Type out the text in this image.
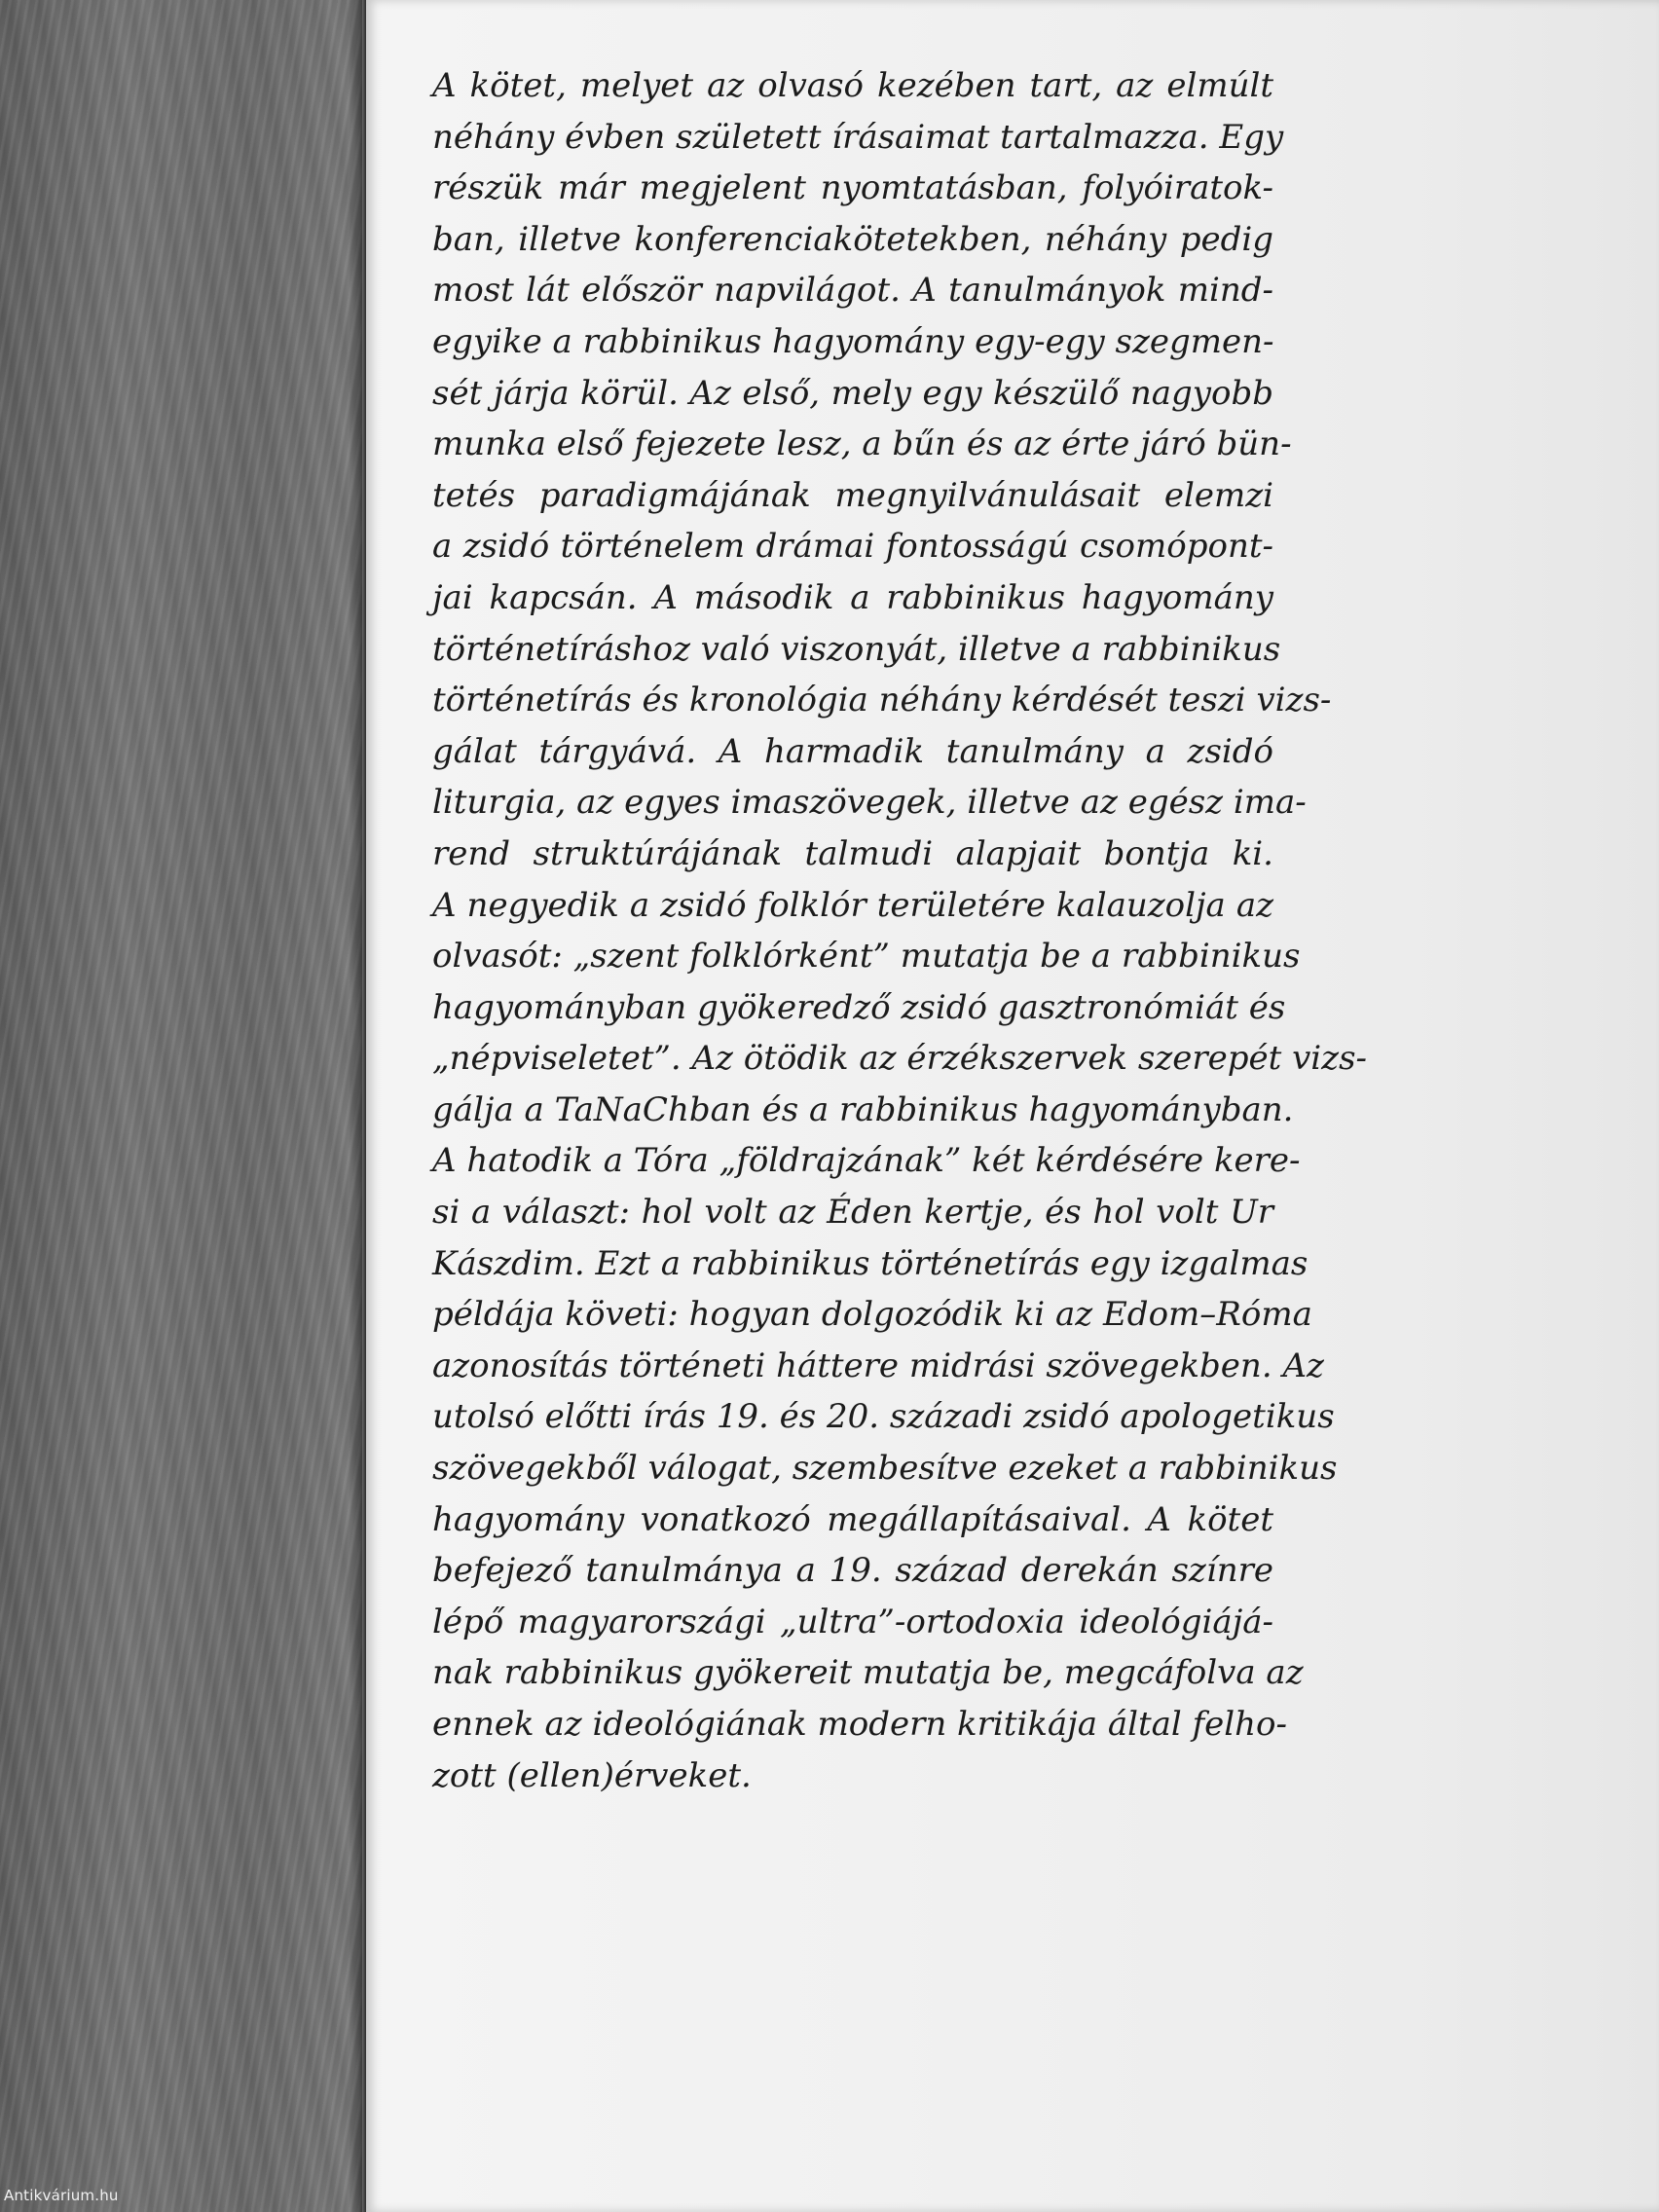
A kötet, melyet az olvasó kezében tart, az elmúlt
néhány évben született írásaimat tartalmazza. Egy
részük már megjelent nyomtatásban, folyóiratok-
ban, illetve konferenciakötetekben, néhány pedig
most lát először napvilágot. A tanulmányok mind-
egyike a rabbinikus hagyomány egy-egy szegmen-
sét járja körül. Az első, mely egy készülő nagyobb
munka első fejezete lesz, a bűn és az érte járó bün-
tetés paradigmájának megnyilvánulásait elemzi
a zsidó történelem drámai fontosságú csomópont-
jai kapcsán. A második a rabbinikus hagyomány
történetíráshoz való viszonyát, illetve a rabbinikus
történetírás és kronológia néhány kérdését teszi vizs-
gálat tárgyává. A harmadik tanulmány a zsidó
liturgia, az egyes imaszövegek, illetve az egész ima-
rend struktúrájának talmudi alapjait bontja ki.
A negyedik a zsidó folklór területére kalauzolja az
olvasót: „szent folklórként” mutatja be a rabbinikus
hagyományban gyökeredző zsidó gasztronómiát és
„népviseletet”. Az ötödik az érzékszervek szerepét vizs-
gálja a TaNaChban és a rabbinikus hagyományban.
A hatodik a Tóra „földrajzának” két kérdésére kere-
si a választ: hol volt az Éden kertje, és hol volt Ur
Kászdim. Ezt a rabbinikus történetírás egy izgalmas
példája követi: hogyan dolgozódik ki az Edom–Róma
azonosítás történeti háttere midrási szövegekben. Az
utolsó előtti írás 19. és 20. századi zsidó apologetikus
szövegekből válogat, szembesítve ezeket a rabbinikus
hagyomány vonatkozó megállapításaival. A kötet
befejező tanulmánya a 19. század derekán színre
lépő magyarországi „ultra”-ortodoxia ideológiájá-
nak rabbinikus gyökereit mutatja be, megcáfolva az
ennek az ideológiának modern kritikája által felho-
zott (ellen)érveket.
Antikvárium.hu
